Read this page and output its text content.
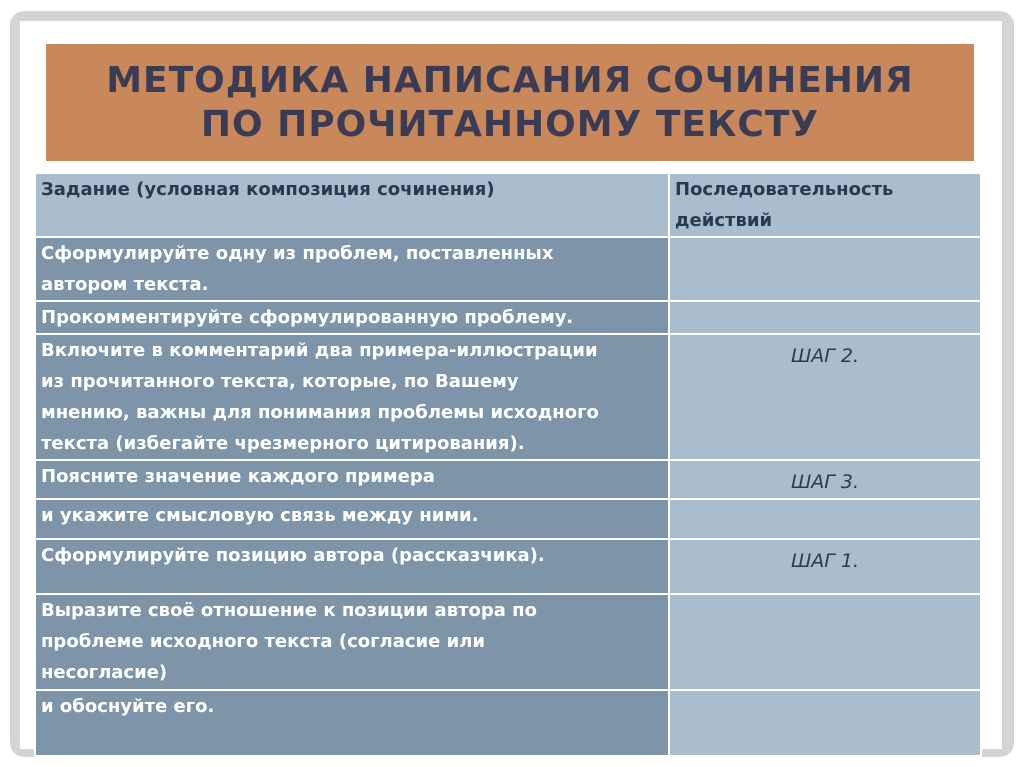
МЕТОДИКА НАПИСАНИЯ СОЧИНЕНИЯ
ПО ПРОЧИТАННОМУ ТЕКСТУ
Задание (условная композиция сочинения)	Последовательность
действий

Сформулируйте одну из проблем, поставленных
автором текста.	

Прокомментируйте сформулированную проблему.	

Включите в комментарий два примера-иллюстрации
из прочитанного текста, которые, по Вашему
мнению, важны для понимания проблемы исходного
текста (избегайте чрезмерного цитирования).	ШАГ 2.

Поясните значение каждого примера	ШАГ 3.

и укажите смысловую связь между ними.	

Сформулируйте позицию автора (рассказчика).	ШАГ 1.

Выразите своё отношение к позиции автора по
проблеме исходного текста (согласие или
несогласие)	

и обоснуйте его.	
